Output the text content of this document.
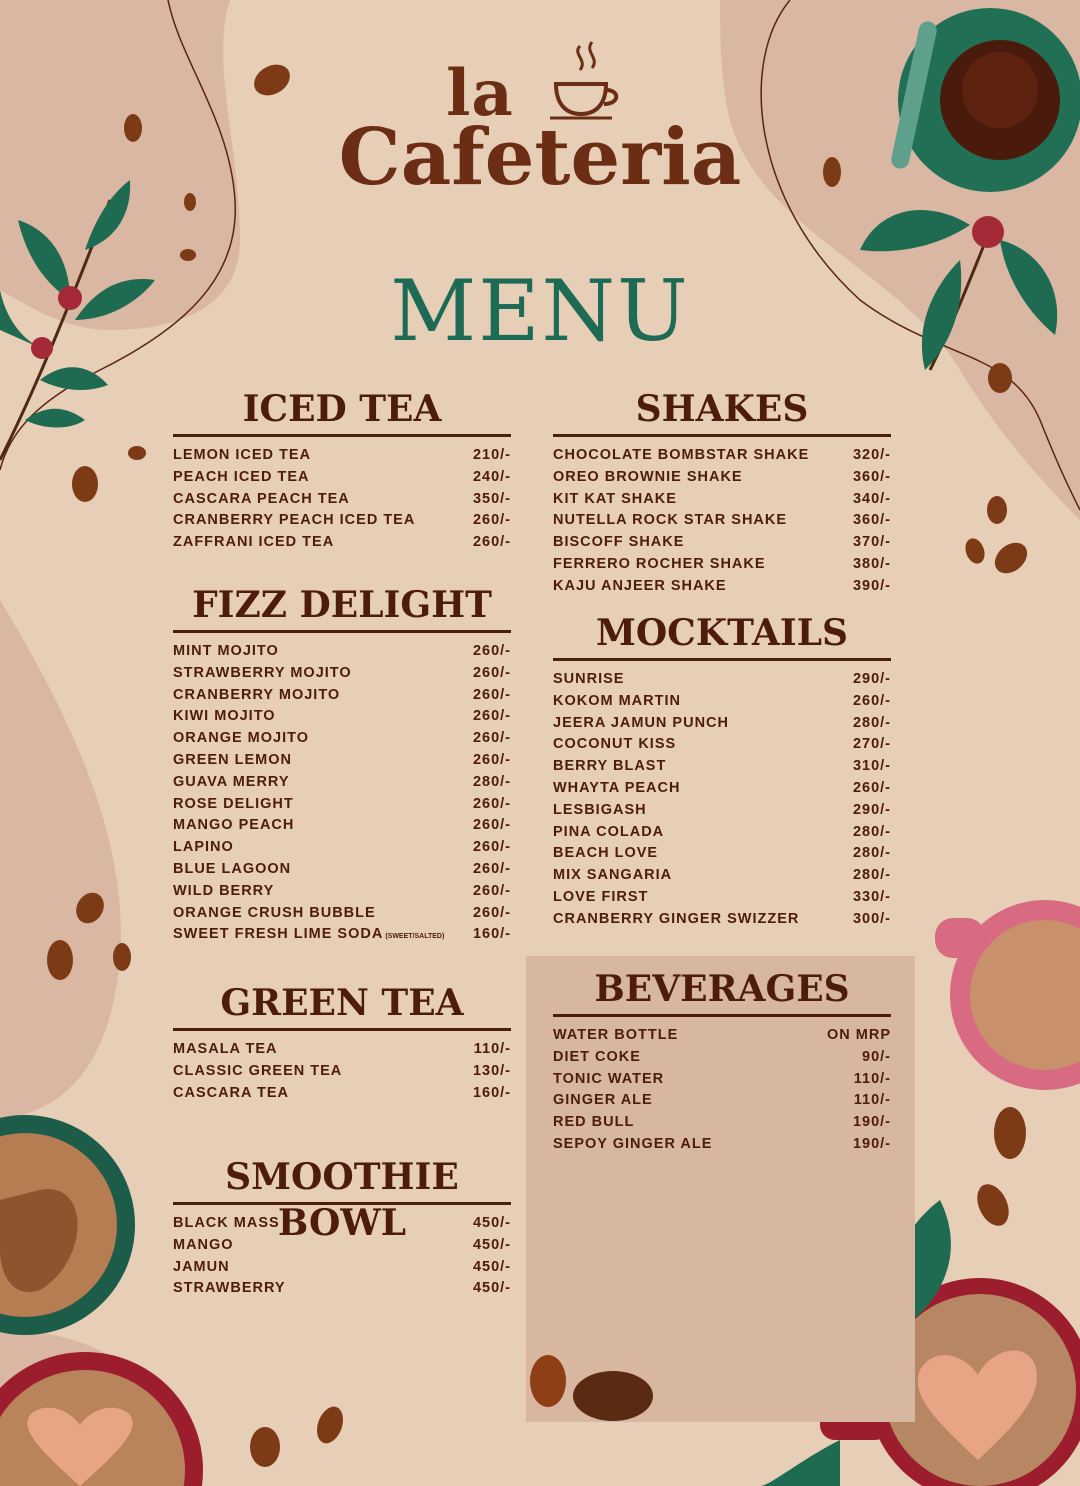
la
Cafeteria
MENU
ICED TEA
LEMON ICED TEA	210/-
PEACH ICED TEA	240/-
CASCARA PEACH TEA	350/-
CRANBERRY PEACH ICED TEA	260/-
ZAFFRANI ICED TEA	260/-
FIZZ DELIGHT
MINT MOJITO	260/-
STRAWBERRY MOJITO	260/-
CRANBERRY MOJITO	260/-
KIWI MOJITO	260/-
ORANGE MOJITO	260/-
GREEN LEMON	260/-
GUAVA MERRY	280/-
ROSE DELIGHT	260/-
MANGO PEACH	260/-
LAPINO	260/-
BLUE LAGOON	260/-
WILD BERRY	260/-
ORANGE CRUSH BUBBLE	260/-
SWEET FRESH LIME SODA (SWEET/SALTED) 160/-
GREEN TEA
MASALA TEA	110/-
CLASSIC GREEN TEA	130/-
CASCARA TEA	160/-
SMOOTHIE BOWL
BLACK MASS	450/-
MANGO	450/-
JAMUN	450/-
STRAWBERRY	450/-
SHAKES
CHOCOLATE BOMBSTAR SHAKE	320/-
OREO BROWNIE SHAKE	360/-
KIT KAT SHAKE	340/-
NUTELLA ROCK STAR SHAKE	360/-
BISCOFF SHAKE	370/-
FERRERO ROCHER SHAKE	380/-
KAJU ANJEER SHAKE	390/-
MOCKTAILS
SUNRISE	290/-
KOKOM MARTIN	260/-
JEERA JAMUN PUNCH	280/-
COCONUT KISS	270/-
BERRY BLAST	310/-
WHAYTA PEACH	260/-
LESBIGASH	290/-
PINA COLADA	280/-
BEACH LOVE	280/-
MIX SANGARIA	280/-
LOVE FIRST	330/-
CRANBERRY GINGER SWIZZER	300/-
BEVERAGES
WATER BOTTLE	ON MRP
DIET COKE	90/-
TONIC WATER	110/-
GINGER ALE	110/-
RED BULL	190/-
SEPOY GINGER ALE	190/-
